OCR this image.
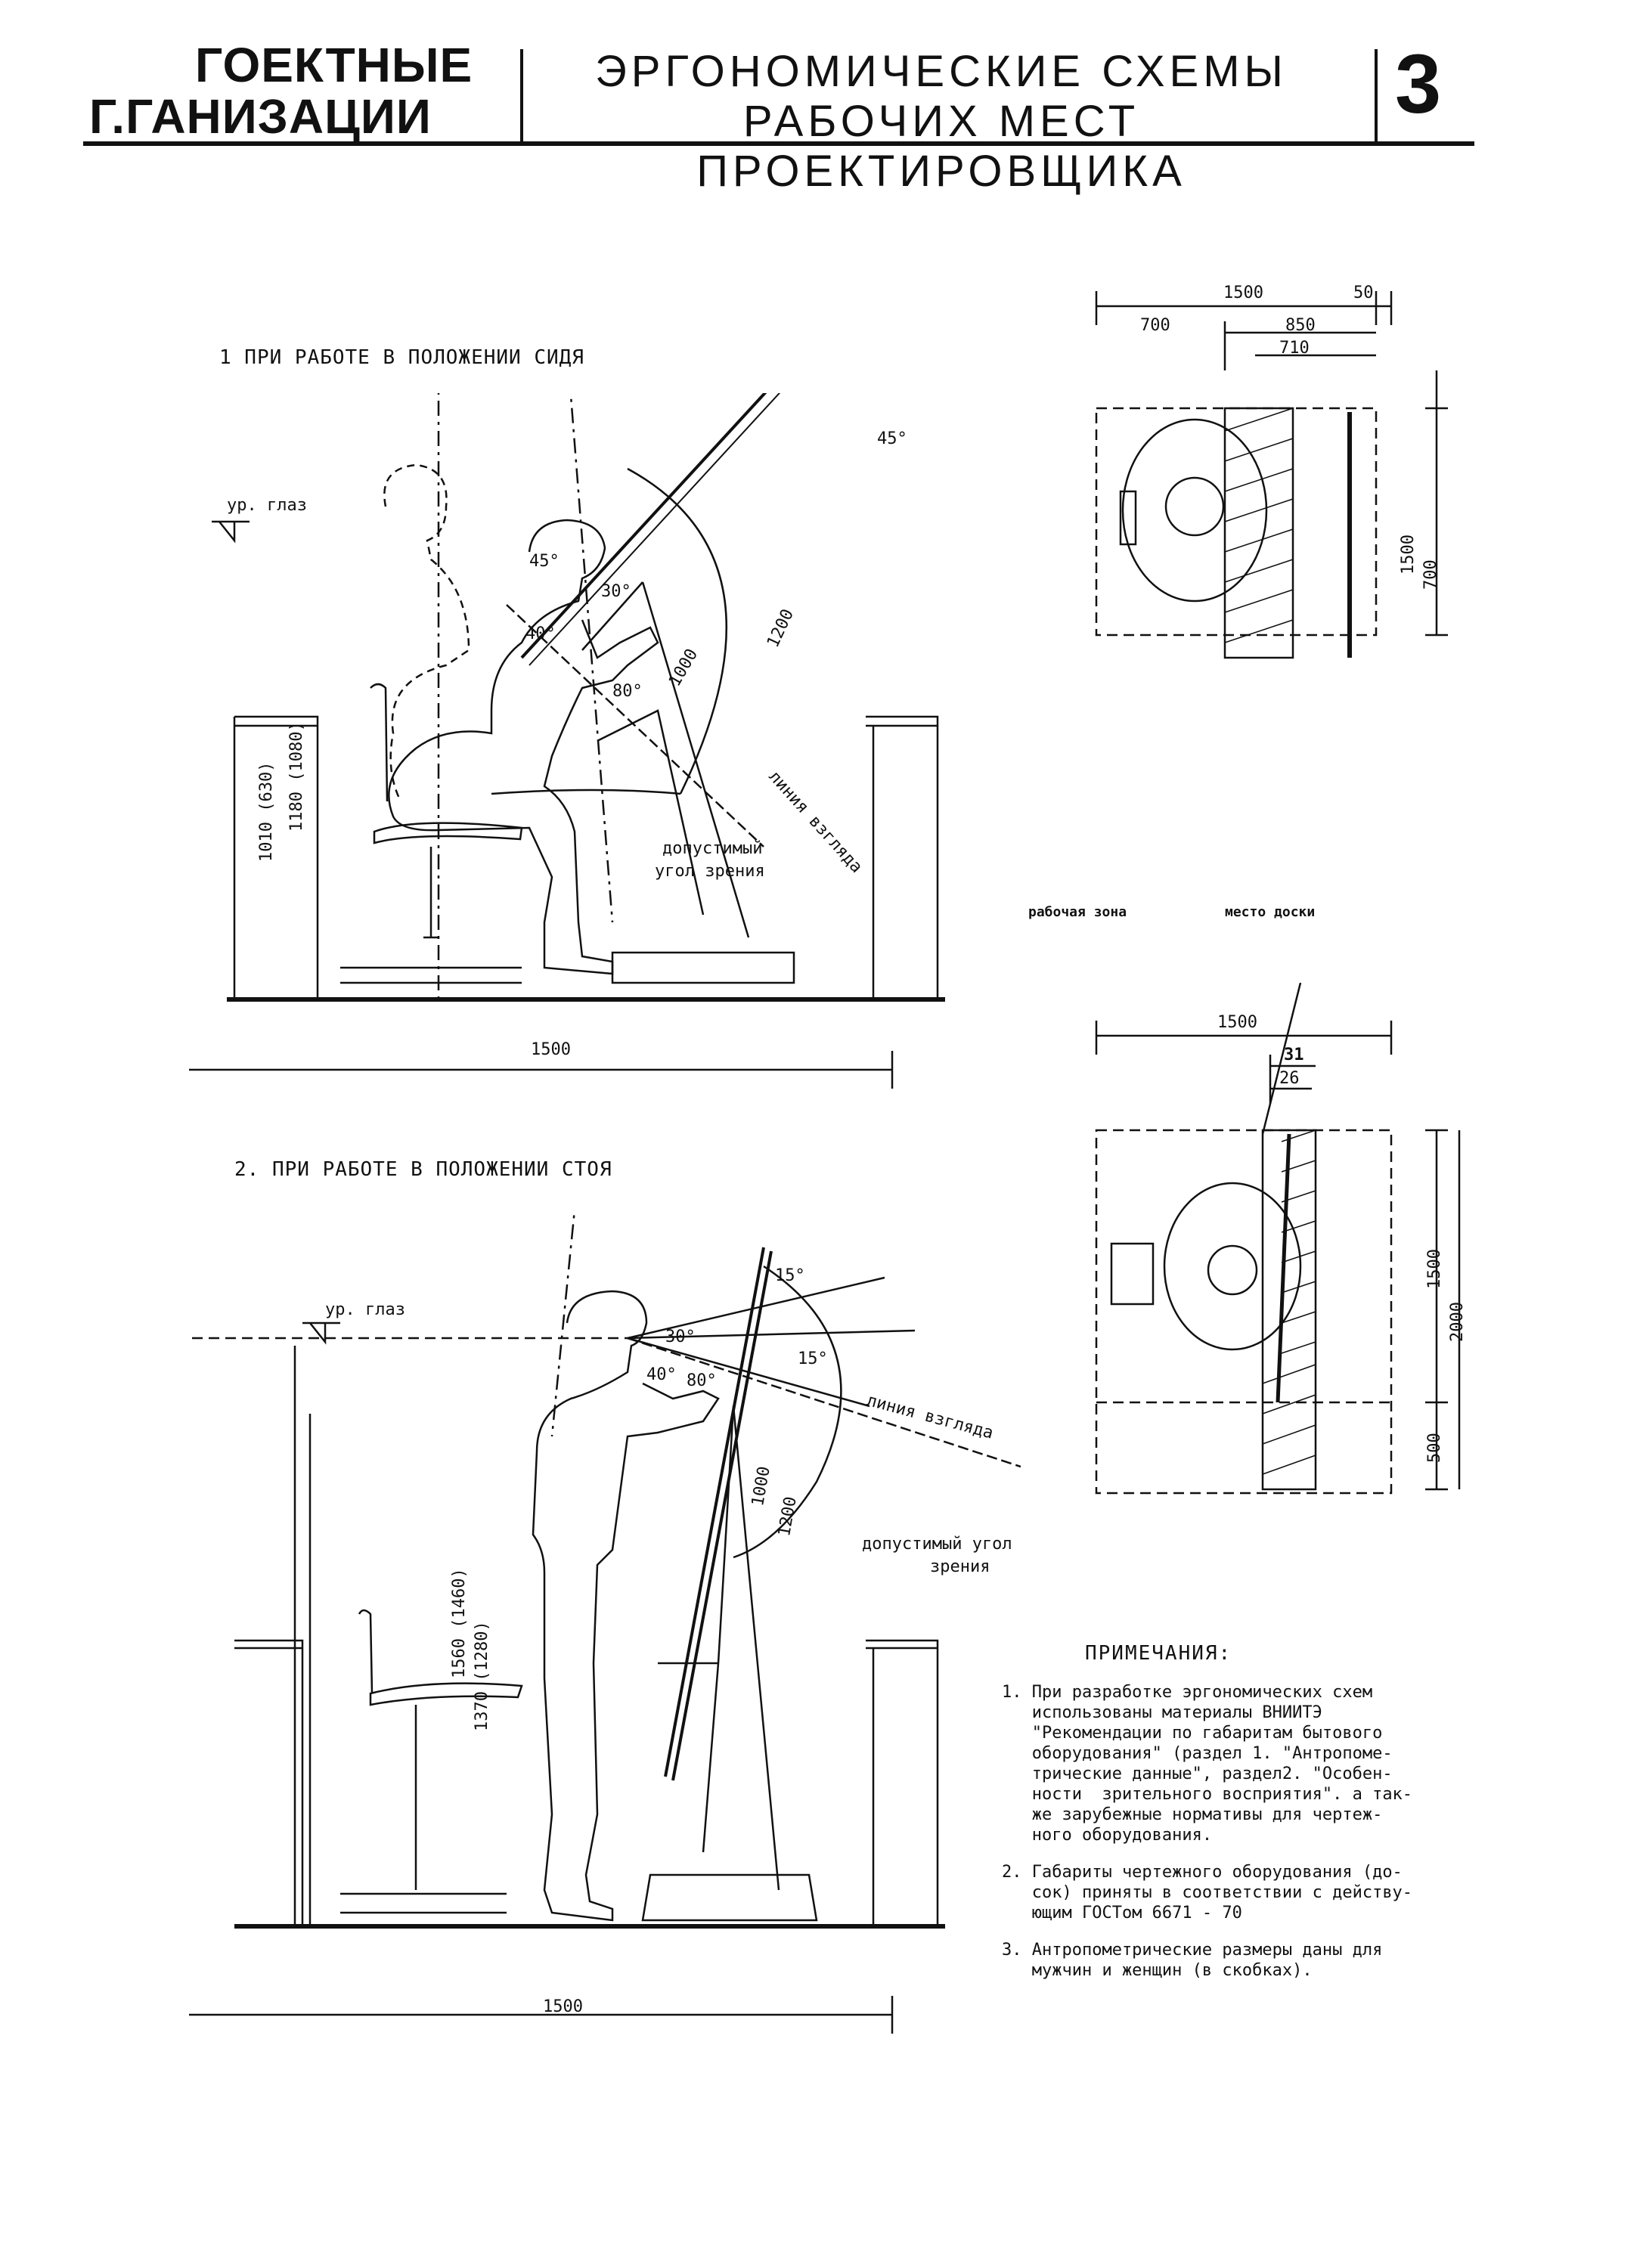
ГОЕКТНЫЕ
Г.ГАНИЗАЦИИ
ЭРГОНОМИЧЕСКИЕ СХЕМЫ
РАБОЧИХ МЕСТ ПРОЕКТИРОВЩИКА
3
1 ПРИ РАБОТЕ В ПОЛОЖЕНИИ СИДЯ
ур. глаз
1180 (1080)
1010 (630)
1500
45°
45°
30°
40°
80°
1000
1200
линия взгляда
допустимый
угол зрения
1500	50
700	850
710
1500
700
рабочая зона	место доски
1500
31
26
1500
2000
500
2. ПРИ РАБОТЕ В ПОЛОЖЕНИИ СТОЯ
ур. глаз
1560 (1460) 1370 (1280)
1500
15°
15°
30°
40° 80°
1000
1200
линия взгляда
допустимый угол
зрения
ПРИМЕЧАНИЯ:
1. При разработке эргономических схем
использованы материалы ВНИИТЭ
"Рекомендации по габаритам бытового
оборудования" (раздел 1. "Антропоме-
трические данные", раздел2. "Особен-
ности  зрительного восприятия". а так-
же зарубежные нормативы для чертеж-
ного оборудования.
2. Габариты чертежного оборудования (до-
сок) приняты в соответствии с действу-
ющим ГОСТом 6671 - 70
3. Антропометрические размеры даны для
мужчин и женщин (в скобках).
